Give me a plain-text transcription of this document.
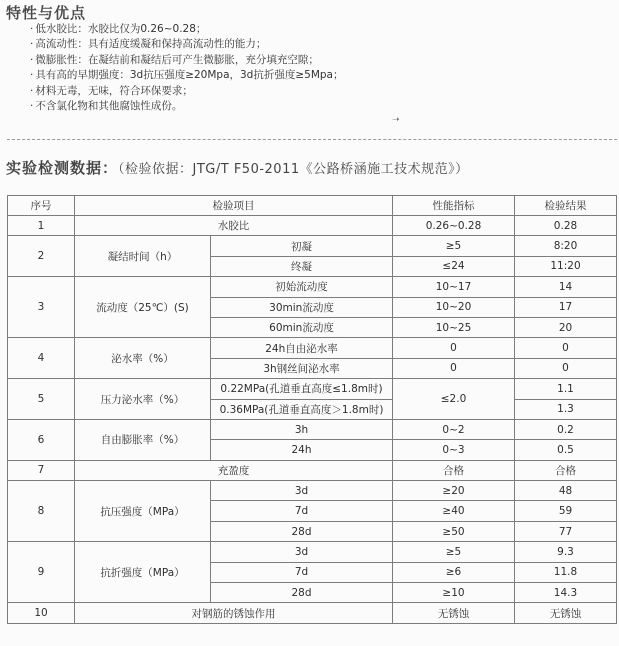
特性与优点
· 低水胶比：水胶比仅为0.26~0.28；
· 高流动性：具有适度缓凝和保持高流动性的能力；
· 微膨胀性：在凝结前和凝结后可产生微膨胀，充分填充空隙；
· 具有高的早期强度：3d抗压强度≥20Mpa，3d抗折强度≥5Mpa；
· 材料无毒，无味，符合环保要求；
· 不含氯化物和其他腐蚀性成份。
➝
实验检测数据：（检验依据：JTG/T F50-2011《公路桥涵施工技术规范》）
序号	检验项目		性能指标	检验结果
1	水胶比		0.26~0.28	0.28
2	凝结时间（h）	初凝	≥5	8:20
		终凝	≤24	11:20
3	流动度（25℃）(S)	初始流动度	10~17	14
		30min流动度	10~20	17
		60min流动度	10~25	20
4	泌水率（%）	24h自由泌水率	0	0
		3h钢丝间泌水率	0	0
5	压力泌水率（%）	0.22MPa(孔道垂直高度≤1.8m时)	≤2.0	1.1
		0.36MPa(孔道垂直高度＞1.8m时)		1.3
6	自由膨胀率（%）	3h	0~2	0.2
		24h	0~3	0.5
7	充盈度		合格	合格
8	抗压强度（MPa）	3d	≥20	48
		7d	≥40	59
		28d	≥50	77
9	抗折强度（MPa）	3d	≥5	9.3
		7d	≥6	11.8
		28d	≥10	14.3
10	对钢筋的锈蚀作用		无锈蚀	无锈蚀
